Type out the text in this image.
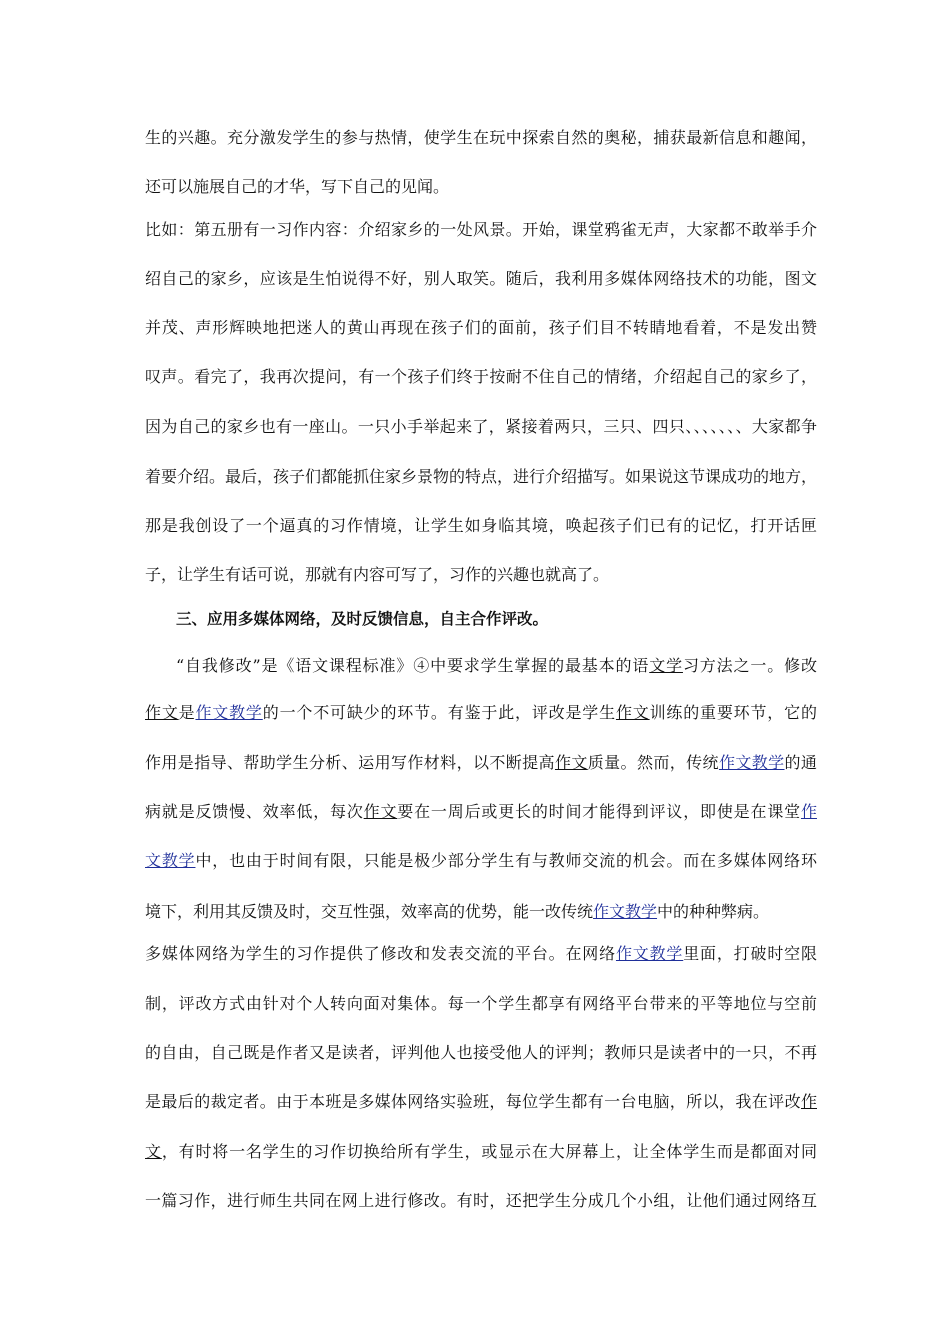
生的兴趣。充分激发学生的参与热情，使学生在玩中探索自然的奥秘，捕获最新信息和趣闻，
还可以施展自己的才华，写下自己的见闻。
比如：第五册有一习作内容：介绍家乡的一处风景。开始，课堂鸦雀无声，大家都不敢举手介
绍自己的家乡，应该是生怕说得不好，别人取笑。随后，我利用多媒体网络技术的功能，图文
并茂、声形辉映地把迷人的黄山再现在孩子们的面前，孩子们目不转睛地看着，不是发出赞
叹声。看完了，我再次提问，有一个孩子们终于按耐不住自己的情绪，介绍起自己的家乡了，
因为自己的家乡也有一座山。一只小手举起来了，紧接着两只，三只、四只、、、、、、、大家都争
着要介绍。最后，孩子们都能抓住家乡景物的特点，进行介绍描写。如果说这节课成功的地方，
那是我创设了一个逼真的习作情境，让学生如身临其境，唤起孩子们已有的记忆，打开话匣
子，让学生有话可说，那就有内容可写了，习作的兴趣也就高了。
三、应用多媒体网络，及时反馈信息，自主合作评改。
“自我修改”是《语文课程标准》④中要求学生掌握的最基本的语文学习方法之一。修改
作文是作文教学的一个不可缺少的环节。有鉴于此，评改是学生作文训练的重要环节，它的
作用是指导、帮助学生分析、运用写作材料，以不断提高作文质量。然而，传统作文教学的通
病就是反馈慢、效率低，每次作文要在一周后或更长的时间才能得到评议，即使是在课堂作
文教学中，也由于时间有限，只能是极少部分学生有与教师交流的机会。而在多媒体网络环
境下，利用其反馈及时，交互性强，效率高的优势，能一改传统作文教学中的种种弊病。
多媒体网络为学生的习作提供了修改和发表交流的平台。在网络作文教学里面，打破时空限
制，评改方式由针对个人转向面对集体。每一个学生都享有网络平台带来的平等地位与空前
的自由，自己既是作者又是读者，评判他人也接受他人的评判；教师只是读者中的一只，不再
是最后的裁定者。由于本班是多媒体网络实验班，每位学生都有一台电脑，所以，我在评改作
文，有时将一名学生的习作切换给所有学生，或显示在大屏幕上，让全体学生而是都面对同
一篇习作，进行师生共同在网上进行修改。有时，还把学生分成几个小组，让他们通过网络互
